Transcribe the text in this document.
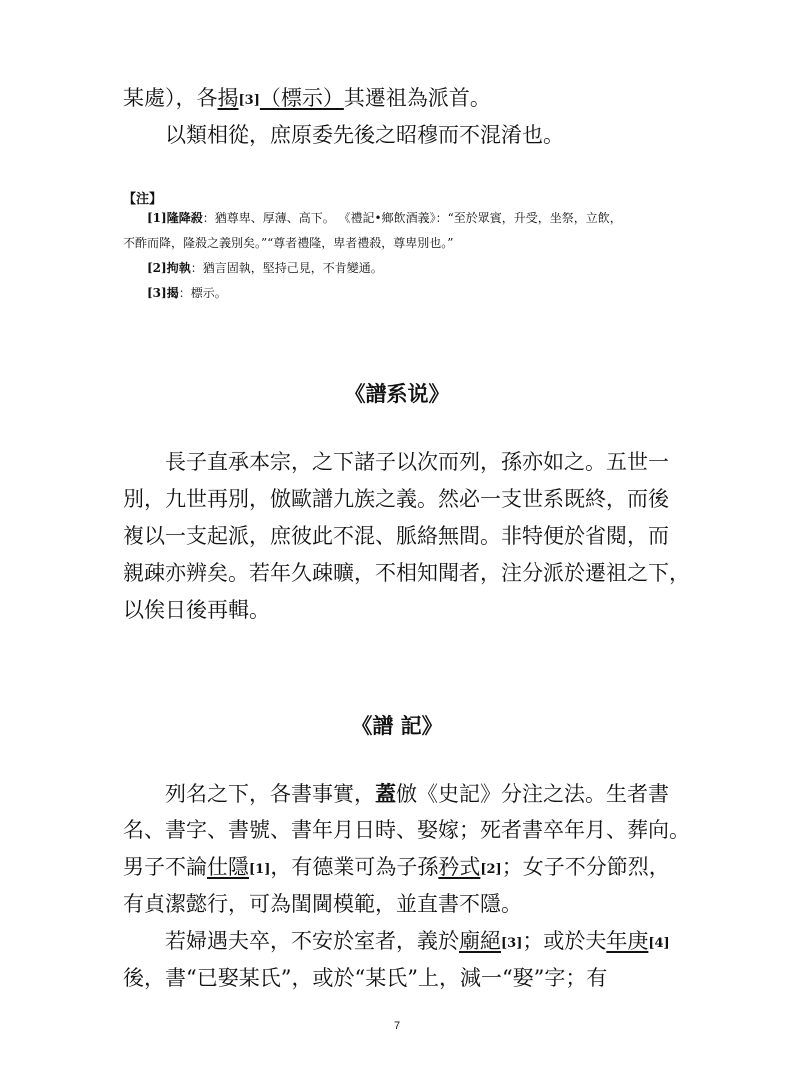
某處），各揭[3]（標示）其遷祖為派首。
以類相從，庶原委先後之昭穆而不混淆也。
【注】
[1]隆降殺：猶尊卑、厚薄、高下。 《禮記•鄉飲酒義》：“至於眾賓，升受，坐祭，立飲，
不酢而降，隆殺之義別矣。”“尊者禮隆，卑者禮殺，尊卑別也。”
[2]拘執：猶言固執，堅持己見，不肯變通。
[3]揭：標示。
《譜系说》
長子直承本宗，之下諸子以次而列，孫亦如之。五世一
別，九世再別，倣歐譜九族之義。然必一支世系既終，而後
複以一支起派，庶彼此不混、脈絡無間。非特便於省閱，而
親疎亦辨矣。若年久疎曠，不相知聞者，注分派於遷祖之下，
以俟日後再輯。
《譜 記》
列名之下，各書事實，蓋倣《史記》分注之法。生者書
名、書字、書號、書年月日時、娶嫁；死者書卒年月、葬向。
男子不論仕隱[1]，有德業可為子孫矜式[2]；女子不分節烈，
有貞潔懿行，可為閨閫模範，並直書不隱。
若婦遇夫卒，不安於室者，義於廟絕[3]；或於夫年庚[4]
後，書“已娶某氏”，或於“某氏”上，減一“娶”字；有
7
